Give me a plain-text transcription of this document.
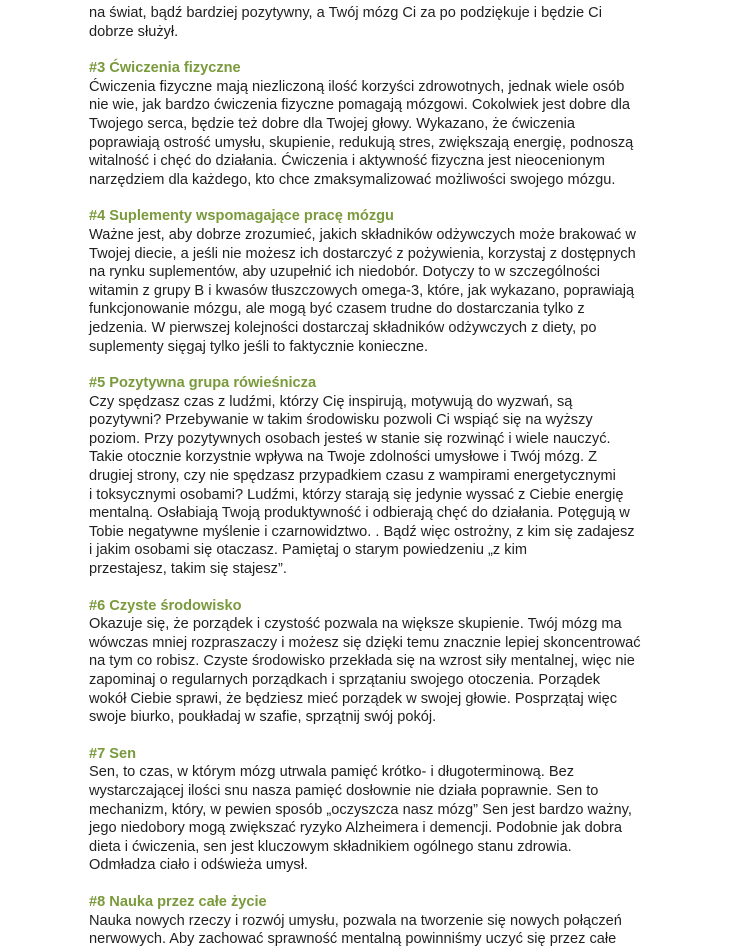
na świat, bądź bardziej pozytywny, a Twój mózg Ci za po podziękuje i będzie Ci
dobrze służył.

#3 Ćwiczenia fizyczne

Ćwiczenia fizyczne mają niezliczoną ilość korzyści zdrowotnych, jednak wiele osób
nie wie, jak bardzo ćwiczenia fizyczne pomagają mózgowi. Cokolwiek jest dobre dla
Twojego serca, będzie też dobre dla Twojej głowy. Wykazano, że ćwiczenia
poprawiają ostrość umysłu, skupienie, redukują stres, zwiększają energię, podnoszą
witalność i chęć do działania. Ćwiczenia i aktywność fizyczna jest nieocenionym
narzędziem dla każdego, kto chce zmaksymalizować możliwości swojego mózgu.

#4 Suplementy wspomagające pracę mózgu

Ważne jest, aby dobrze zrozumieć, jakich składników odżywczych może brakować w
Twojej diecie, a jeśli nie możesz ich dostarczyć z pożywienia, korzystaj z dostępnych
na rynku suplementów, aby uzupełnić ich niedobór. Dotyczy to w szczególności
witamin z grupy B i kwasów tłuszczowych omega-3, które, jak wykazano, poprawiają
funkcjonowanie mózgu, ale mogą być czasem trudne do dostarczania tylko z
jedzenia. W pierwszej kolejności dostarczaj składników odżywczych z diety, po
suplementy sięgaj tylko jeśli to faktycznie konieczne.

#5 Pozytywna grupa rówieśnicza

Czy spędzasz czas z ludźmi, którzy Cię inspirują, motywują do wyzwań, są
pozytywni? Przebywanie w takim środowisku pozwoli Ci wspiąć się na wyższy
poziom. Przy pozytywnych osobach jesteś w stanie się rozwinąć i wiele nauczyć.
Takie otocznie korzystnie wpływa na Twoje zdolności umysłowe i Twój mózg. Z
drugiej strony, czy nie spędzasz przypadkiem czasu z wampirami energetycznymi
i toksycznymi osobami? Ludźmi, którzy starają się jedynie wyssać z Ciebie energię
mentalną. Osłabiają Twoją produktywność i odbierają chęć do działania. Potęgują w
Tobie negatywne myślenie i czarnowidztwo. . Bądź więc ostrożny, z kim się zadajesz
i jakim osobami się otaczasz. Pamiętaj o starym powiedzeniu „z kim
przestajesz, takim się stajesz”.

#6 Czyste środowisko

Okazuje się, że porządek i czystość pozwala na większe skupienie. Twój mózg ma
wówczas mniej rozpraszaczy i możesz się dzięki temu znacznie lepiej skoncentrować
na tym co robisz. Czyste środowisko przekłada się na wzrost siły mentalnej, więc nie
zapominaj o regularnych porządkach i sprzątaniu swojego otoczenia. Porządek
wokół Ciebie sprawi, że będziesz mieć porządek w swojej głowie. Posprzątaj więc
swoje biurko, poukładaj w szafie, sprzątnij swój pokój.

#7 Sen

Sen, to czas, w którym mózg utrwala pamięć krótko- i długoterminową. Bez
wystarczającej ilości snu nasza pamięć dosłownie nie działa poprawnie. Sen to
mechanizm, który, w pewien sposób „oczyszcza nasz mózg” Sen jest bardzo ważny,
jego niedobory mogą zwiększać ryzyko Alzheimera i demencji. Podobnie jak dobra
dieta i ćwiczenia, sen jest kluczowym składnikiem ogólnego stanu zdrowia.
Odmładza ciało i odświeża umysł.

#8 Nauka przez całe życie

Nauka nowych rzeczy i rozwój umysłu, pozwala na tworzenie się nowych połączeń
nerwowych. Aby zachować sprawność mentalną powinniśmy uczyć się przez całe
